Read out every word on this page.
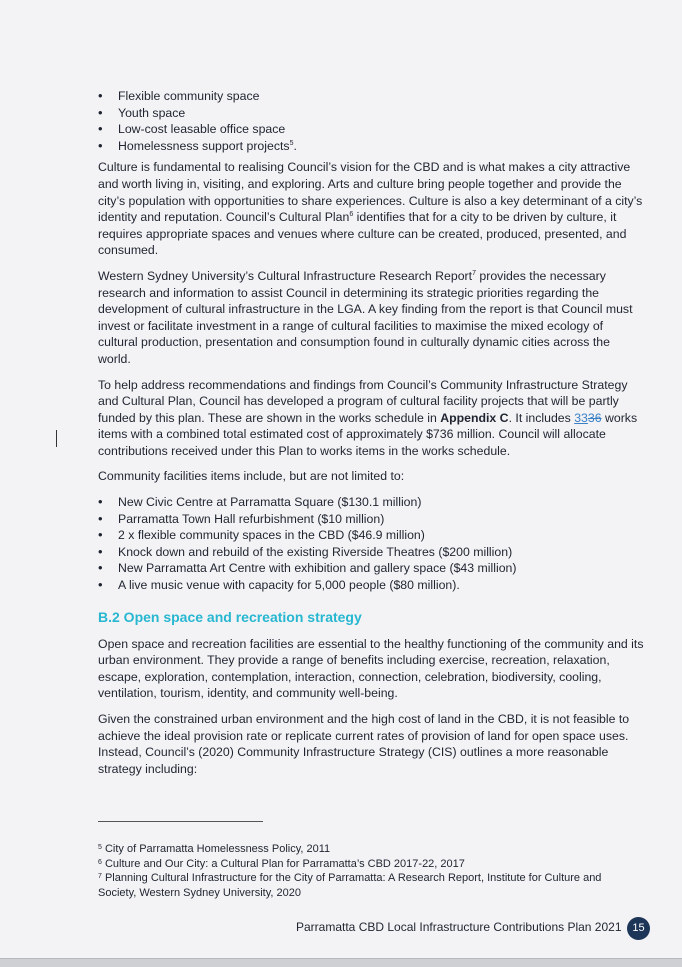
• Flexible community space
• Youth space
• Low-cost leasable office space
• Homelessness support projects$^5$.

Culture is fundamental to realising Council’s vision for the CBD and is what makes a city attractive and worth living in, visiting, and exploring. Arts and culture bring people together and provide the city’s population with opportunities to share experiences. Culture is also a key determinant of a city’s identity and reputation. Council’s Cultural Plan$^6$ identifies that for a city to be driven by culture, it requires appropriate spaces and venues where culture can be created, produced, presented, and consumed.

Western Sydney University’s Cultural Infrastructure Research Report$^7$ provides the necessary research and information to assist Council in determining its strategic priorities regarding the development of cultural infrastructure in the LGA. A key finding from the report is that Council must invest or facilitate investment in a range of cultural facilities to maximise the mixed ecology of cultural production, presentation and consumption found in culturally dynamic cities across the world.

To help address recommendations and findings from Council’s Community Infrastructure Strategy and Cultural Plan, Council has developed a program of cultural facility projects that will be partly funded by this plan. These are shown in the works schedule in Appendix C. It includes 3336 works items with a combined total estimated cost of approximately $736 million. Council will allocate contributions received under this Plan to works items in the works schedule.

Community facilities items include, but are not limited to:

• New Civic Centre at Parramatta Square ($130.1 million)
• Parramatta Town Hall refurbishment ($10 million)
• 2 x flexible community spaces in the CBD ($46.9 million)
• Knock down and rebuild of the existing Riverside Theatres ($200 million)
• New Parramatta Art Centre with exhibition and gallery space ($43 million)
• A live music venue with capacity for 5,000 people ($80 million).
B.2 Open space and recreation strategy

Open space and recreation facilities are essential to the healthy functioning of the community and its urban environment. They provide a range of benefits including exercise, recreation, relaxation, escape, exploration, contemplation, interaction, connection, celebration, biodiversity, cooling, ventilation, tourism, identity, and community well-being.

Given the constrained urban environment and the high cost of land in the CBD, it is not feasible to achieve the ideal provision rate or replicate current rates of provision of land for open space uses. Instead, Council’s (2020) Community Infrastructure Strategy (CIS) outlines a more reasonable strategy including:

$^5$ City of Parramatta Homelessness Policy, 2011
$^6$ Culture and Our City: a Cultural Plan for Parramatta’s CBD 2017-22, 2017
$^7$ Planning Cultural Infrastructure for the City of Parramatta: A Research Report, Institute for Culture and Society, Western Sydney University, 2020
Parramatta CBD Local Infrastructure Contributions Plan 2021 15
